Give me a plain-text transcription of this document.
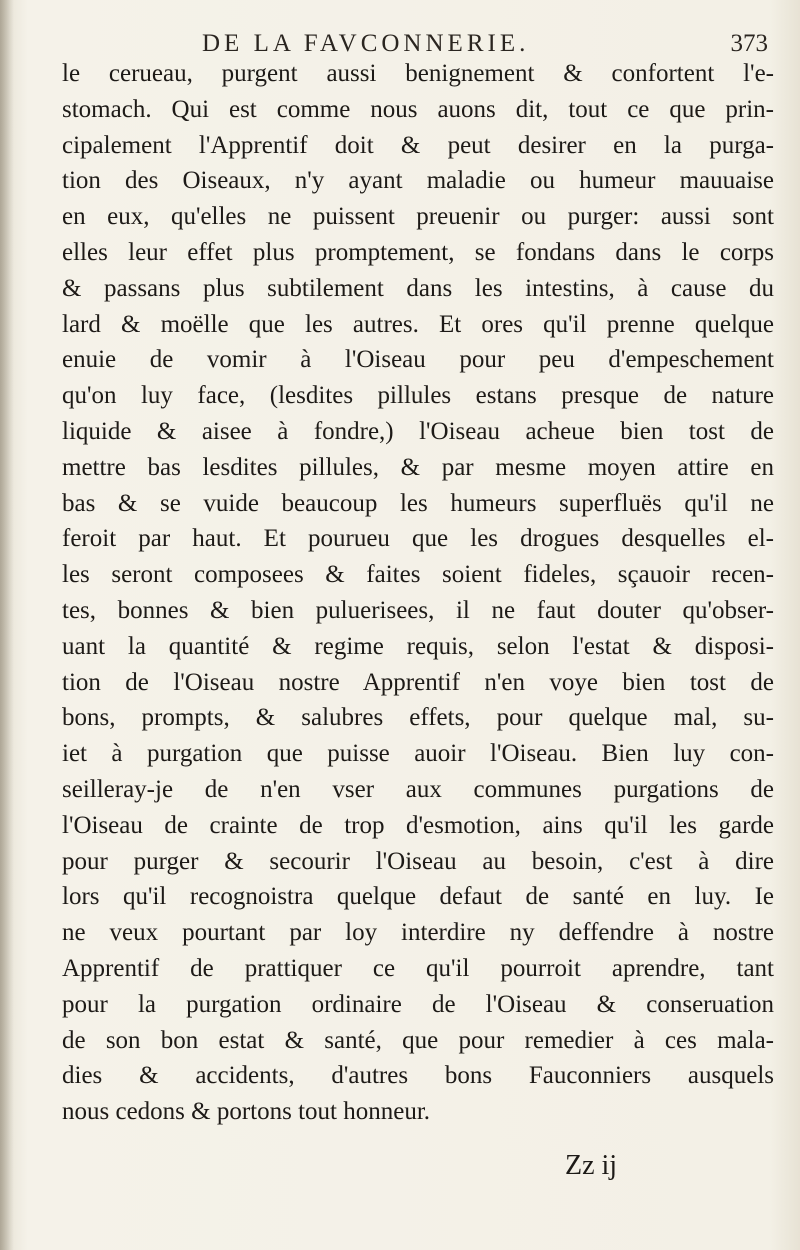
DE LA FAVCONNERIE.	373
le cerueau, purgent aussi benignement & confortent l'e-
stomach. Qui est comme nous auons dit, tout ce que prin-
cipalement l'Apprentif doit & peut desirer en la purga-
tion des Oiseaux, n'y ayant maladie ou humeur mauuaise
en eux, qu'elles ne puissent preuenir ou purger: aussi sont
elles leur effet plus promptement, se fondans dans le corps
& passans plus subtilement dans les intestins, à cause du
lard & moëlle que les autres. Et ores qu'il prenne quelque
enuie de vomir à l'Oiseau pour peu d'empeschement
qu'on luy face, (lesdites pillules estans presque de nature
liquide & aisee à fondre,) l'Oiseau acheue bien tost de
mettre bas lesdites pillules, & par mesme moyen attire en
bas & se vuide beaucoup les humeurs superfluës qu'il ne
feroit par haut. Et pourueu que les drogues desquelles el-
les seront composees & faites soient fideles, sçauoir recen-
tes, bonnes & bien puluerisees, il ne faut douter qu'obser-
uant la quantité & regime requis, selon l'estat & disposi-
tion de l'Oiseau nostre Apprentif n'en voye bien tost de
bons, prompts, & salubres effets, pour quelque mal, su-
iet à purgation que puisse auoir l'Oiseau. Bien luy con-
seilleray-je de n'en vser aux communes purgations de
l'Oiseau de crainte de trop d'esmotion, ains qu'il les garde
pour purger & secourir l'Oiseau au besoin, c'est à dire
lors qu'il recognoistra quelque defaut de santé en luy. Ie
ne veux pourtant par loy interdire ny deffendre à nostre
Apprentif de prattiquer ce qu'il pourroit aprendre, tant
pour la purgation ordinaire de l'Oiseau & conseruation
de son bon estat & santé, que pour remedier à ces mala-
dies & accidents, d'autres bons Fauconniers ausquels
nous cedons & portons tout honneur.
Zz ij
